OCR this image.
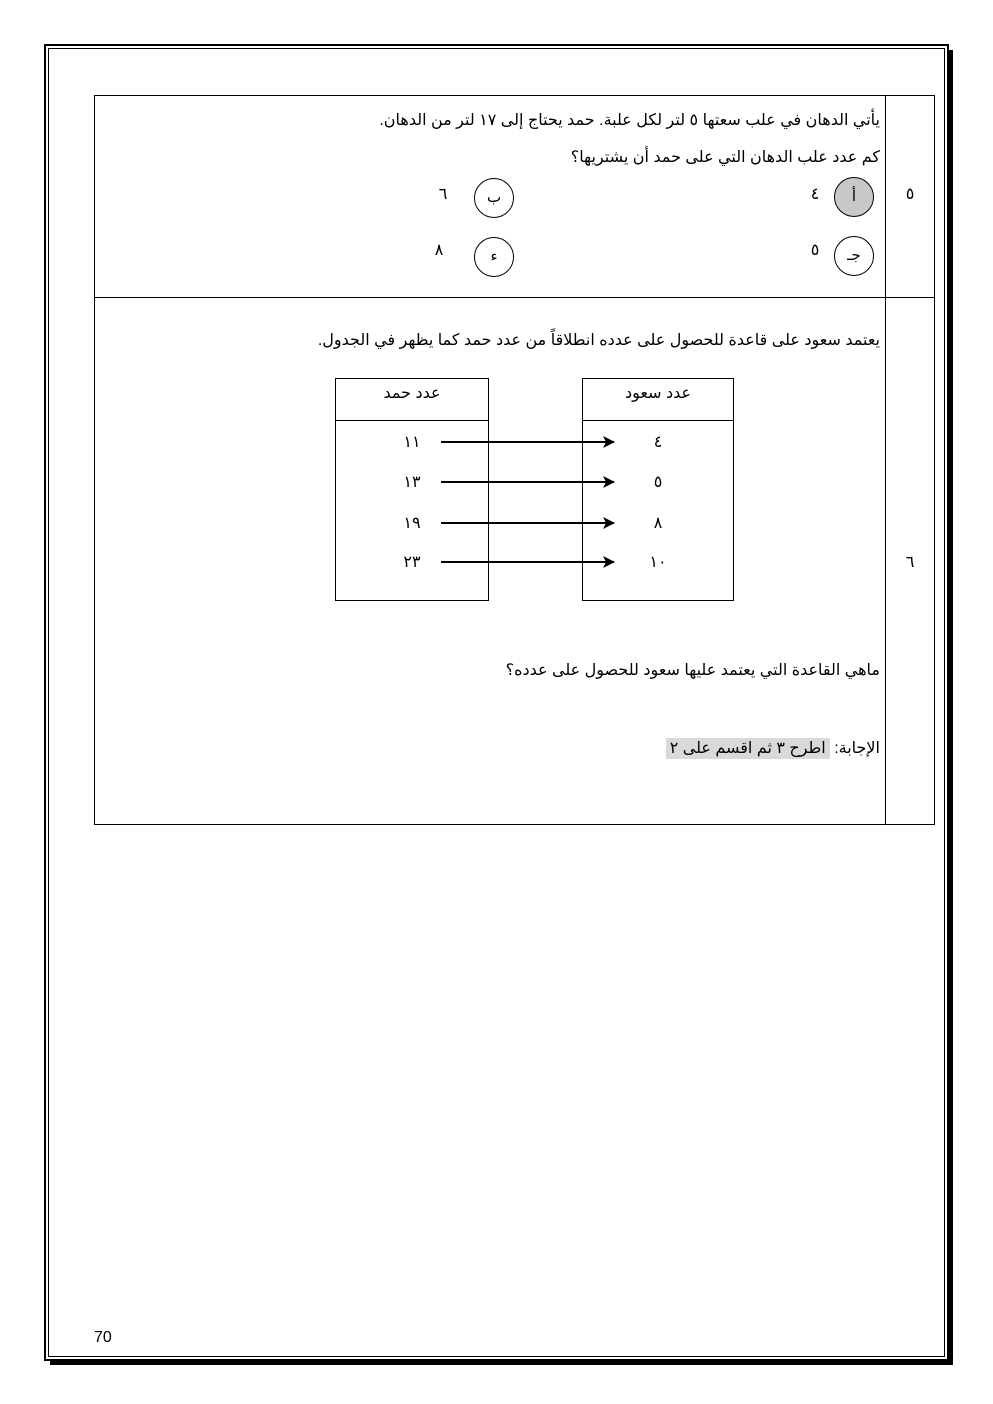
٥
يأتي الدهان في علب سعتها ٥ لتر لكل علبة. حمد يحتاج إلى ١٧ لتر من الدهان.
كم عدد علب الدهان التي على حمد أن يشتريها؟
أ
٤
ب
٦
جـ
٥
ء
٨
٦
يعتمد سعود على قاعدة للحصول على عدده انطلاقاً من عدد حمد كما يظهر في الجدول.
عدد حمد	عدد سعود
١١
١٣
١٩
٢٣
٤
٥
٨
١٠
ماهي القاعدة التي يعتمد عليها سعود للحصول على عدده؟
الإجابة: اطرح ٣ ثم اقسم على ٢
70
